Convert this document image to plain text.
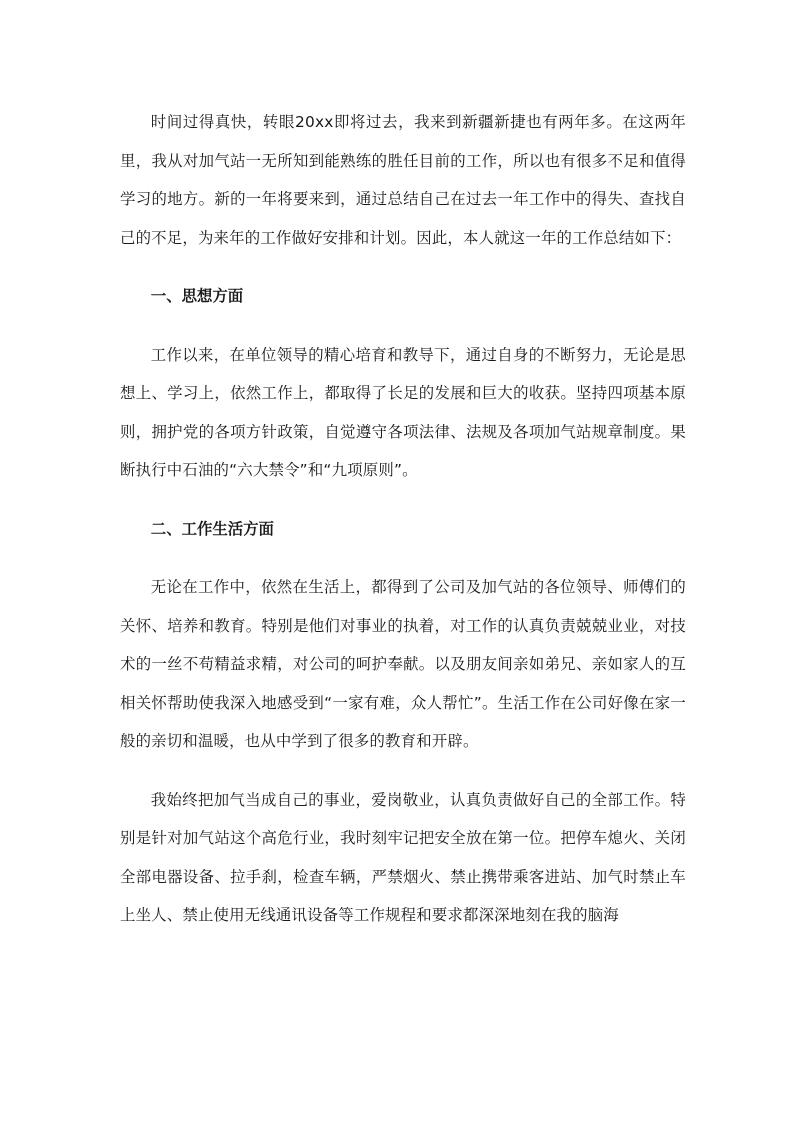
时间过得真快，转眼20xx即将过去，我来到新疆新捷也有两年多。在这两年里，我从对加气站一无所知到能熟练的胜任目前的工作，所以也有很多不足和值得学习的地方。新的一年将要来到，通过总结自己在过去一年工作中的得失、查找自己的不足，为来年的工作做好安排和计划。因此，本人就这一年的工作总结如下：

一、思想方面

工作以来，在单位领导的精心培育和教导下，通过自身的不断努力，无论是思想上、学习上，依然工作上，都取得了长足的发展和巨大的收获。坚持四项基本原则，拥护党的各项方针政策，自觉遵守各项法律、法规及各项加气站规章制度。果断执行中石油的“六大禁令”和“九项原则”。

二、工作生活方面

无论在工作中，依然在生活上，都得到了公司及加气站的各位领导、师傅们的关怀、培养和教育。特别是他们对事业的执着，对工作的认真负责兢兢业业，对技术的一丝不苟精益求精，对公司的呵护奉献。以及朋友间亲如弟兄、亲如家人的互相关怀帮助使我深入地感受到“一家有难，众人帮忙”。生活工作在公司好像在家一般的亲切和温暖，也从中学到了很多的教育和开辟。

我始终把加气当成自己的事业，爱岗敬业，认真负责做好自己的全部工作。特别是针对加气站这个高危行业，我时刻牢记把安全放在第一位。把停车熄火、关闭全部电器设备、拉手刹，检查车辆，严禁烟火、禁止携带乘客进站、加气时禁止车上坐人、禁止使用无线通讯设备等工作规程和要求都深深地刻在我的脑海
